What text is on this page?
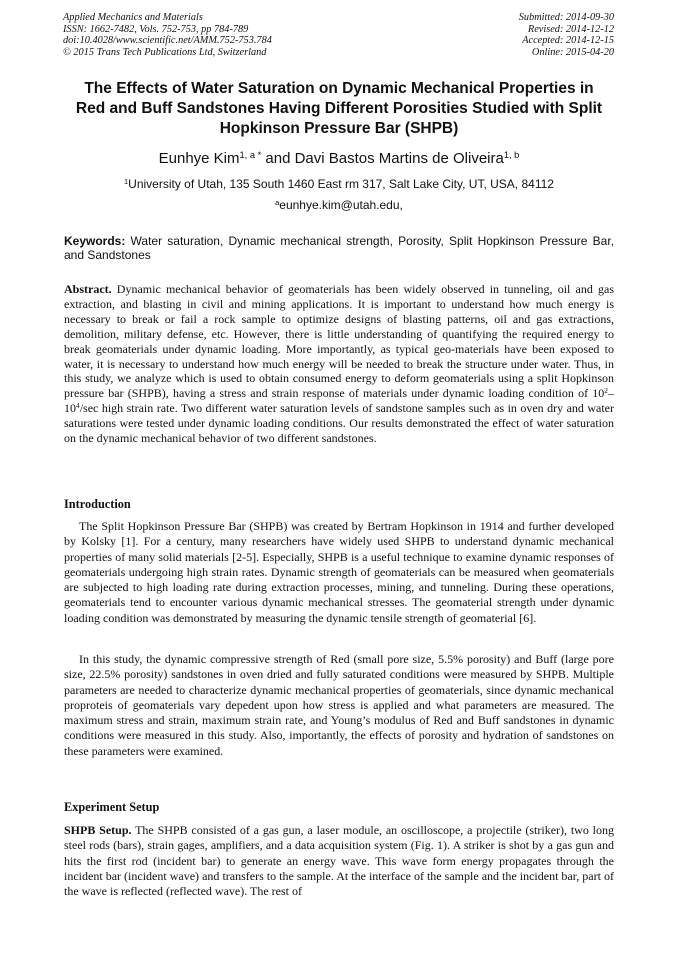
Applied Mechanics and Materials
ISSN: 1662-7482, Vols. 752-753, pp 784-789
doi:10.4028/www.scientific.net/AMM.752-753.784
© 2015 Trans Tech Publications Ltd, Switzerland
Submitted: 2014-09-30
Revised: 2014-12-12
Accepted: 2014-12-15
Online: 2015-04-20
The Effects of Water Saturation on Dynamic Mechanical Properties in
Red and Buff Sandstones Having Different Porosities Studied with Split
Hopkinson Pressure Bar (SHPB)
Eunhye Kim$^{1, a *}$ and Davi Bastos Martins de Oliveira$^{1, b}$
$^1$University of Utah, 135 South 1460 East rm 317, Salt Lake City, UT, USA, 84112
$^a$eunhye.kim@utah.edu,
Keywords: Water saturation, Dynamic mechanical strength, Porosity, Split Hopkinson Pressure Bar, and Sandstones
Abstract. Dynamic mechanical behavior of geomaterials has been widely observed in tunneling, oil and gas extraction, and blasting in civil and mining applications. It is important to understand how much energy is necessary to break or fail a rock sample to optimize designs of blasting patterns, oil and gas extractions, demolition, military defense, etc. However, there is little understanding of quantifying the required energy to break geomaterials under dynamic loading. More importantly, as typical geo-materials have been exposed to water, it is necessary to understand how much energy will be needed to break the structure under water. Thus, in this study, we analyze which is used to obtain consumed energy to deform geomaterials using a split Hopkinson pressure bar (SHPB), having a stress and strain response of materials under dynamic loading condition of $10^2-10^4/\sec$ high strain rate. Two different water saturation levels of sandstone samples such as in oven dry and water saturations were tested under dynamic loading conditions. Our results demonstrated the effect of water saturation on the dynamic mechanical behavior of two different sandstones.
Introduction
The Split Hopkinson Pressure Bar (SHPB) was created by Bertram Hopkinson in 1914 and further developed by Kolsky [1]. For a century, many researchers have widely used SHPB to understand dynamic mechanical properties of many solid materials [2-5]. Especially, SHPB is a useful technique to examine dynamic responses of geomaterials undergoing high strain rates. Dynamic strength of geomaterials can be measured when geomaterials are subjected to high loading rate during extraction processes, mining, and tunneling. During these operations, geomaterials tend to encounter various dynamic mechanical stresses. The geomaterial strength under dynamic loading condition was demonstrated by measuring the dynamic tensile strength of geomaterial [6].
In this study, the dynamic compressive strength of Red (small pore size, 5.5% porosity) and Buff (large pore size, 22.5% porosity) sandstones in oven dried and fully saturated conditions were measured by SHPB. Multiple parameters are needed to characterize dynamic mechanical properties of geomaterials, since dynamic mechanical proproteis of geomaterials vary depedent upon how stress is applied and what parameters are measured. The maximum stress and strain, maximum strain rate, and Young’s modulus of Red and Buff sandstones in dynamic conditions were measured in this study. Also, importantly, the effects of porosity and hydration of sandstones on these parameters were examined.
Experiment Setup
SHPB Setup. The SHPB consisted of a gas gun, a laser module, an oscilloscope, a projectile (striker), two long steel rods (bars), strain gages, amplifiers, and a data acquisition system (Fig. 1). A striker is shot by a gas gun and hits the first rod (incident bar) to generate an energy wave. This wave form energy propagates through the incident bar (incident wave) and transfers to the sample. At the interface of the sample and the incident bar, part of the wave is reflected (reflected wave). The rest of
